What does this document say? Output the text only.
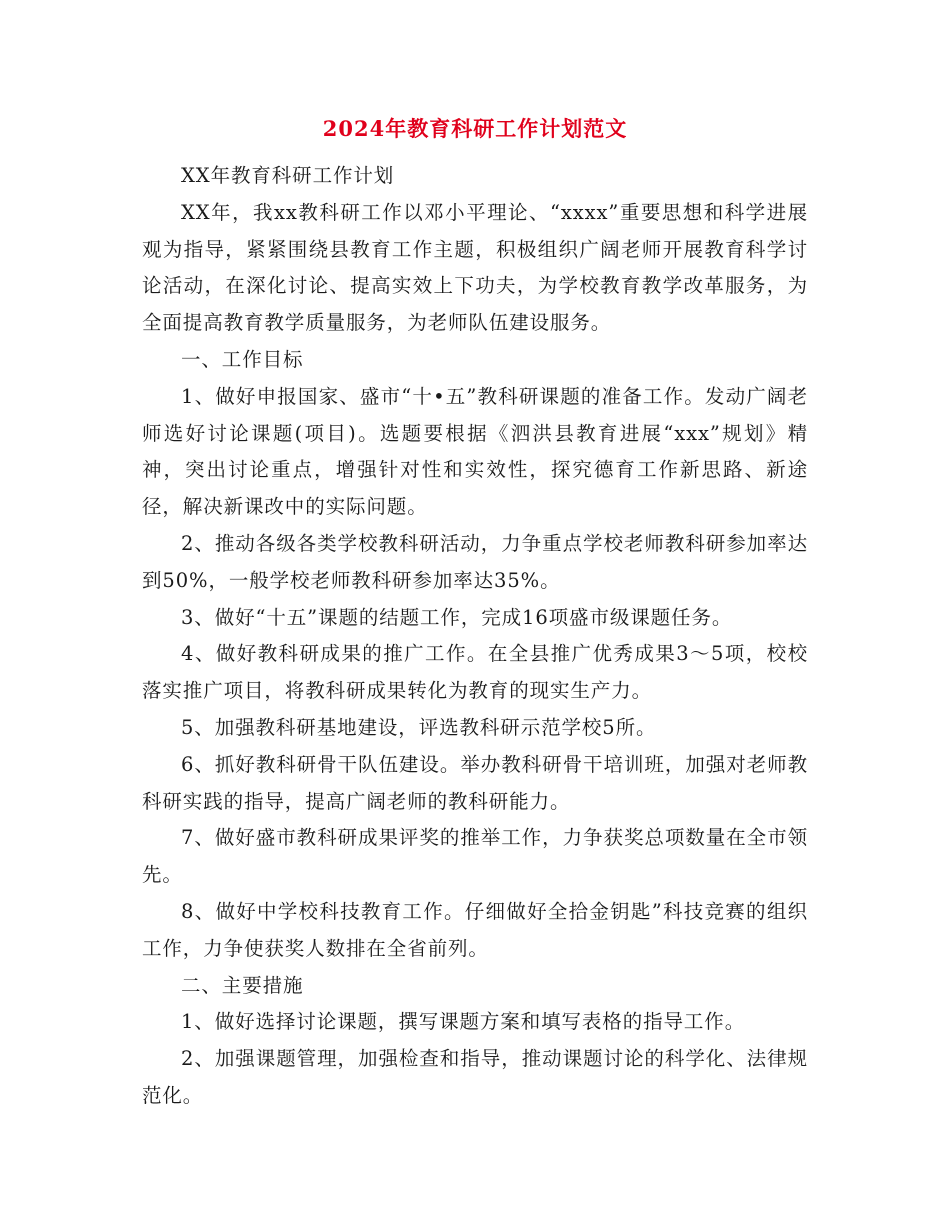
2024年教育科研工作计划范文

XX年教育科研工作计划

XX年，我xx教科研工作以邓小平理论、“xxxx”重要思想和科学进展观为指导，紧紧围绕县教育工作主题，积极组织广阔老师开展教育科学讨论活动，在深化讨论、提高实效上下功夫，为学校教育教学改革服务，为全面提高教育教学质量服务，为老师队伍建设服务。

一、工作目标

1、做好申报国家、盛市“十•五”教科研课题的准备工作。发动广阔老师选好讨论课题(项目)。选题要根据《泗洪县教育进展“xxx”规划》精神，突出讨论重点，增强针对性和实效性，探究德育工作新思路、新途径，解决新课改中的实际问题。

2、推动各级各类学校教科研活动，力争重点学校老师教科研参加率达到50%，一般学校老师教科研参加率达35%。

3、做好“十五”课题的结题工作，完成16项盛市级课题任务。

4、做好教科研成果的推广工作。在全县推广优秀成果3～5项，校校落实推广项目，将教科研成果转化为教育的现实生产力。

5、加强教科研基地建设，评选教科研示范学校5所。

6、抓好教科研骨干队伍建设。举办教科研骨干培训班，加强对老师教科研实践的指导，提高广阔老师的教科研能力。

7、做好盛市教科研成果评奖的推举工作，力争获奖总项数量在全市领先。

8、做好中学校科技教育工作。仔细做好全拾金钥匙”科技竞赛的组织工作，力争使获奖人数排在全省前列。

二、主要措施

1、做好选择讨论课题，撰写课题方案和填写表格的指导工作。

2、加强课题管理，加强检查和指导，推动课题讨论的科学化、法律规范化。
